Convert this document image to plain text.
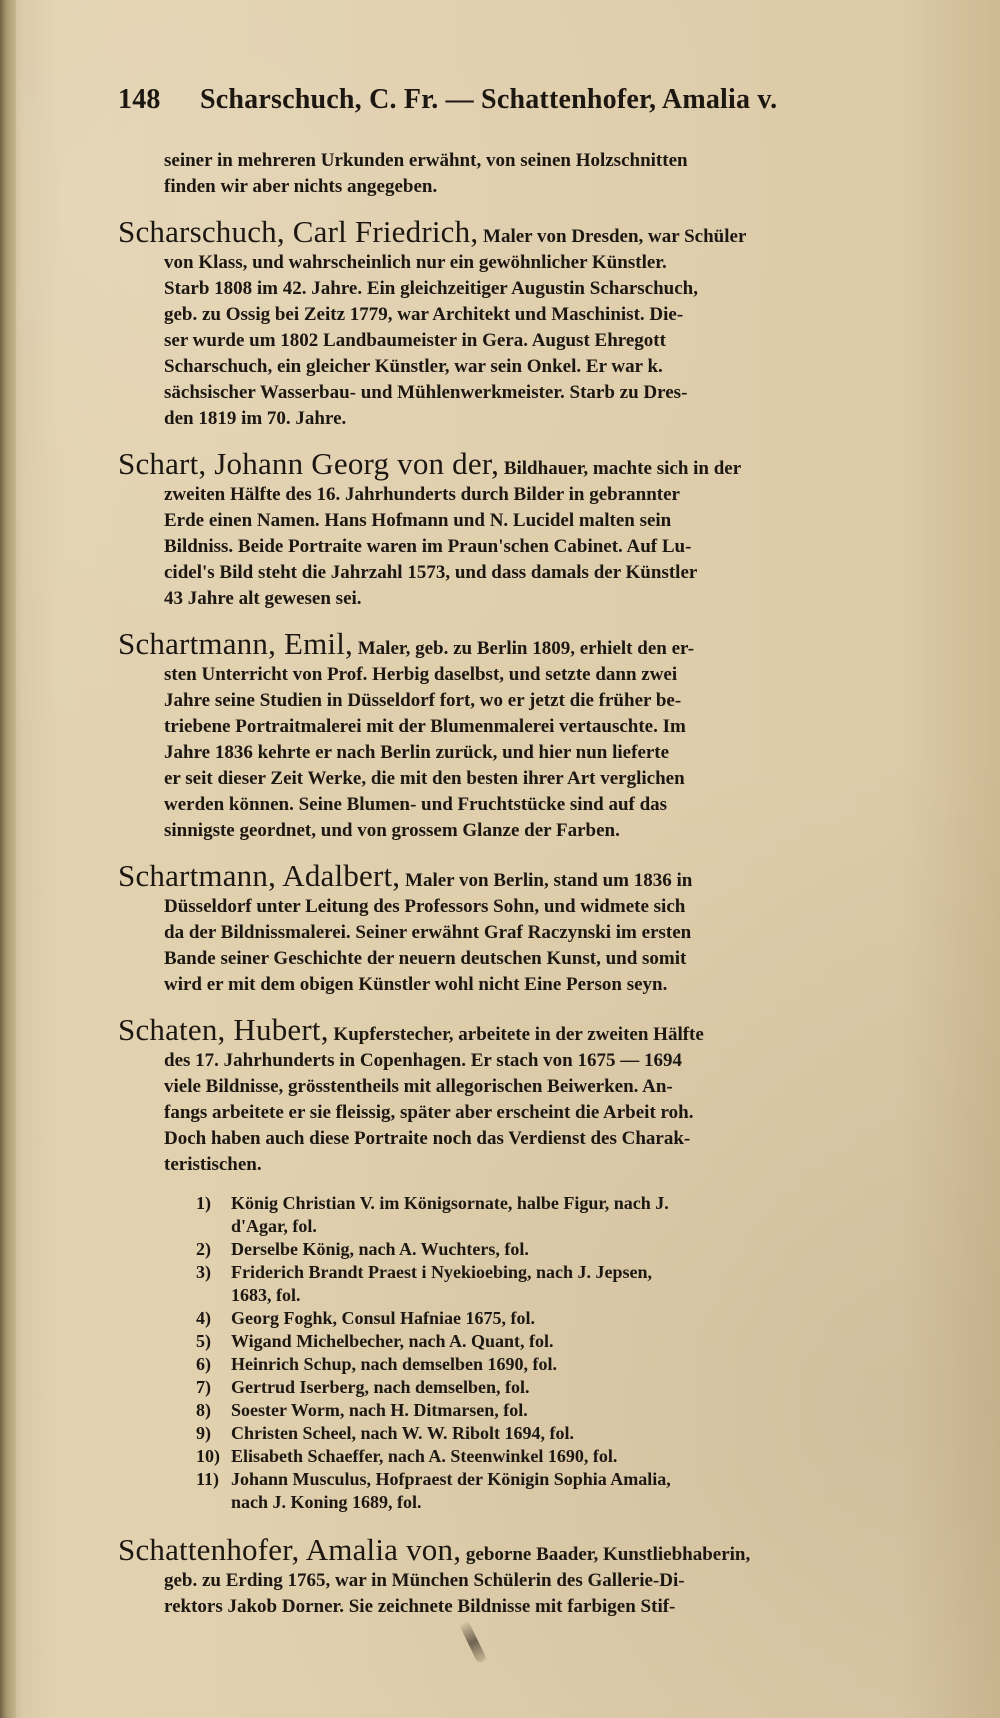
148 Scharschuch, C. Fr. — Schattenhofer, Amalia v.
seiner in mehreren Urkunden erwähnt, von seinen Holzschnitten
finden wir aber nichts angegeben.
Scharschuch, Carl Friedrich, Maler von Dresden, war Schüler
von Klass, und wahrscheinlich nur ein gewöhnlicher Künstler.
Starb 1808 im 42. Jahre. Ein gleichzeitiger Augustin Scharschuch,
geb. zu Ossig bei Zeitz 1779, war Architekt und Maschinist. Die-
ser wurde um 1802 Landbaumeister in Gera. August Ehregott
Scharschuch, ein gleicher Künstler, war sein Onkel. Er war k.
sächsischer Wasserbau- und Mühlenwerkmeister. Starb zu Dres-
den 1819 im 70. Jahre.
Schart, Johann Georg von der, Bildhauer, machte sich in der
zweiten Hälfte des 16. Jahrhunderts durch Bilder in gebrannter
Erde einen Namen. Hans Hofmann und N. Lucidel malten sein
Bildniss. Beide Portraite waren im Praun'schen Cabinet. Auf Lu-
cidel's Bild steht die Jahrzahl 1573, und dass damals der Künstler
43 Jahre alt gewesen sei.
Schartmann, Emil, Maler, geb. zu Berlin 1809, erhielt den er-
sten Unterricht von Prof. Herbig daselbst, und setzte dann zwei
Jahre seine Studien in Düsseldorf fort, wo er jetzt die früher be-
triebene Portraitmalerei mit der Blumenmalerei vertauschte. Im
Jahre 1836 kehrte er nach Berlin zurück, und hier nun lieferte
er seit dieser Zeit Werke, die mit den besten ihrer Art verglichen
werden können. Seine Blumen- und Fruchtstücke sind auf das
sinnigste geordnet, und von grossem Glanze der Farben.
Schartmann, Adalbert, Maler von Berlin, stand um 1836 in
Düsseldorf unter Leitung des Professors Sohn, und widmete sich
da der Bildnissmalerei. Seiner erwähnt Graf Raczynski im ersten
Bande seiner Geschichte der neuern deutschen Kunst, und somit
wird er mit dem obigen Künstler wohl nicht Eine Person seyn.
Schaten, Hubert, Kupferstecher, arbeitete in der zweiten Hälfte
des 17. Jahrhunderts in Copenhagen. Er stach von 1675 — 1694
viele Bildnisse, grösstentheils mit allegorischen Beiwerken. An-
fangs arbeitete er sie fleissig, später aber erscheint die Arbeit roh.
Doch haben auch diese Portraite noch das Verdienst des Charak-
teristischen.
1) König Christian V. im Königsornate, halbe Figur, nach J.
d'Agar, fol.
2) Derselbe König, nach A. Wuchters, fol.
3) Friderich Brandt Praest i Nyekioebing, nach J. Jepsen,
1683, fol.
4) Georg Foghk, Consul Hafniae 1675, fol.
5) Wigand Michelbecher, nach A. Quant, fol.
6) Heinrich Schup, nach demselben 1690, fol.
7) Gertrud Iserberg, nach demselben, fol.
8) Soester Worm, nach H. Ditmarsen, fol.
9) Christen Scheel, nach W. W. Ribolt 1694, fol.
10) Elisabeth Schaeffer, nach A. Steenwinkel 1690, fol.
11) Johann Musculus, Hofpraest der Königin Sophia Amalia,
nach J. Koning 1689, fol.
Schattenhofer, Amalia von, geborne Baader, Kunstliebhaberin,
geb. zu Erding 1765, war in München Schülerin des Gallerie-Di-
rektors Jakob Dorner. Sie zeichnete Bildnisse mit farbigen Stif-
